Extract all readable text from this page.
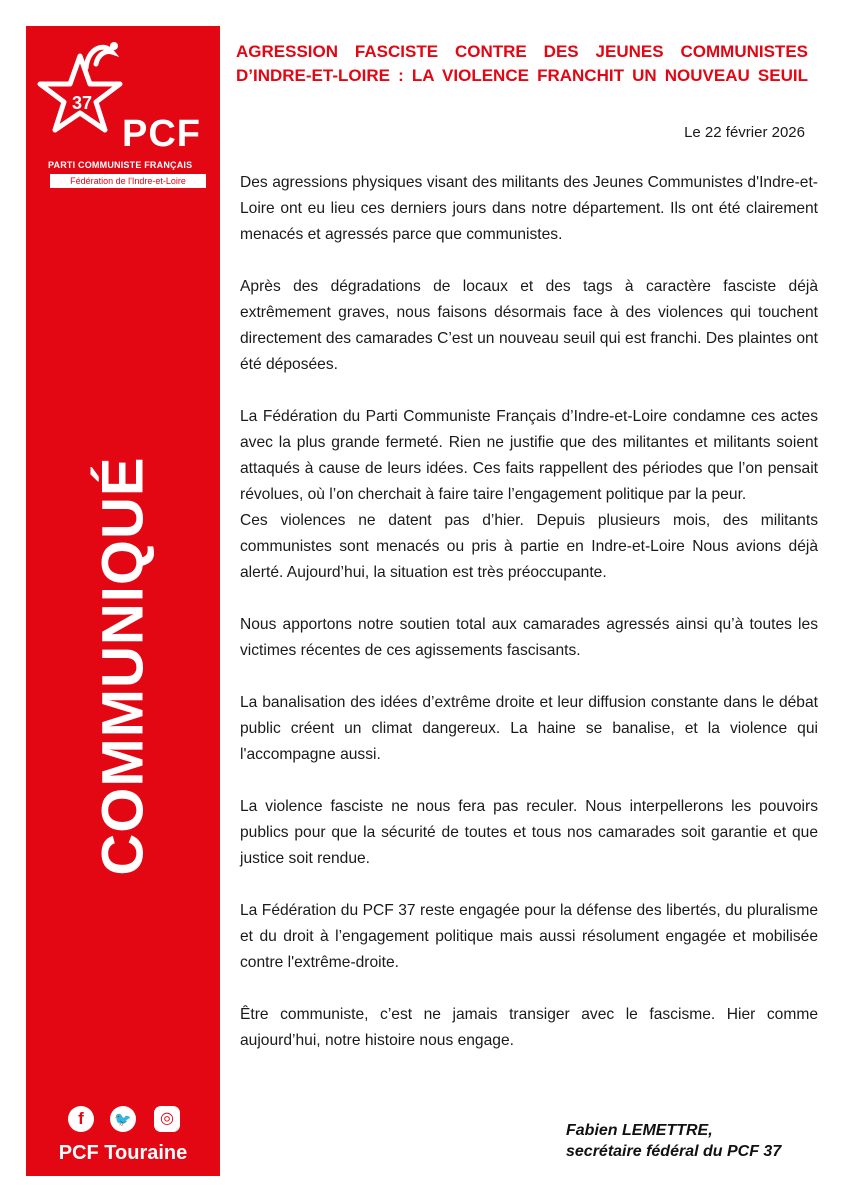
37
PCF
PARTI COMMUNISTE FRANÇAIS
Fédération de l'Indre-et-Loire
COMMUNIQUÉ
f	🐦	◎
PCF Touraine
AGRESSION FASCISTE CONTRE DES JEUNES COMMUNISTES
D’INDRE-ET-LOIRE : LA VIOLENCE FRANCHIT UN NOUVEAU SEUIL
Le 22 février 2026

Des agressions physiques visant des militants des Jeunes Communistes d'Indre-et-Loire ont eu lieu ces derniers jours dans notre département. Ils ont été clairement menacés et agressés parce que communistes.

Après des dégradations de locaux et des tags à caractère fasciste déjà extrêmement graves, nous faisons désormais face à des violences qui touchent directement des camarades C’est un nouveau seuil qui est franchi. Des plaintes ont été déposées.

La Fédération du Parti Communiste Français d’Indre-et-Loire condamne ces actes avec la plus grande fermeté. Rien ne justifie que des militantes et militants soient attaqués à cause de leurs idées. Ces faits rappellent des périodes que l’on pensait révolues, où l’on cherchait à faire taire l’engagement politique par la peur.

Ces violences ne datent pas d’hier. Depuis plusieurs mois, des militants communistes sont menacés ou pris à partie en Indre-et-Loire Nous avions déjà alerté. Aujourd’hui, la situation est très préoccupante.

Nous apportons notre soutien total aux camarades agressés ainsi qu’à toutes les victimes récentes de ces agissements fascisants.

La banalisation des idées d’extrême droite et leur diffusion constante dans le débat public créent un climat dangereux. La haine se banalise, et la violence qui l'accompagne aussi.

La violence fasciste ne nous fera pas reculer. Nous interpellerons les pouvoirs publics pour que la sécurité de toutes et tous nos camarades soit garantie et que justice soit rendue.

La Fédération du PCF 37 reste engagée pour la défense des libertés, du pluralisme et du droit à l’engagement politique mais aussi résolument engagée et mobilisée contre l'extrême-droite.

Être communiste, c’est ne jamais transiger avec le fascisme. Hier comme aujourd’hui, notre histoire nous engage.

Fabien LEMETTRE,
secrétaire fédéral du PCF 37
